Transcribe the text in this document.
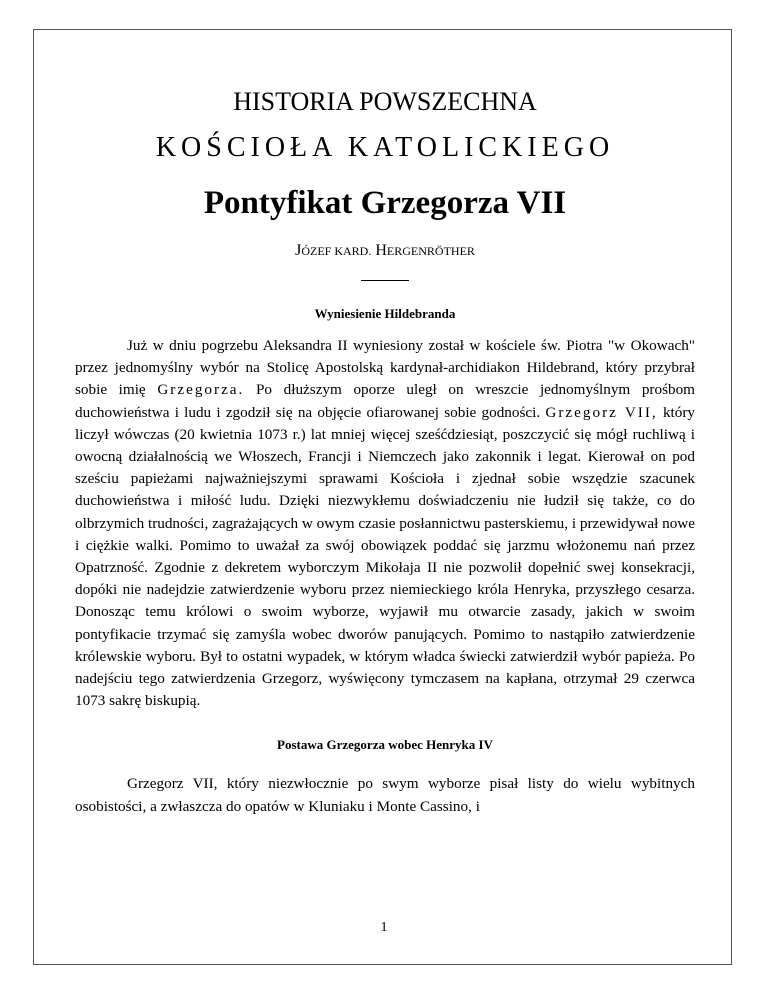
HISTORIA POWSZECHNA
KOŚCIOŁA KATOLICKIEGO
Pontyfikat Grzegorza VII
JÓZEF KARD. HERGENRÖTHER
Wyniesienie Hildebranda

Już w dniu pogrzebu Aleksandra II wyniesiony został w kościele św. Piotra "w Okowach" przez jednomyślny wybór na Stolicę Apostolską kardynał-archidiakon Hildebrand, który przybrał sobie imię Grzegorza. Po dłuższym oporze uległ on wreszcie jednomyślnym prośbom duchowieństwa i ludu i zgodził się na objęcie ofiarowanej sobie godności. Grzegorz VII, który liczył wówczas (20 kwietnia 1073 r.) lat mniej więcej sześćdziesiąt, poszczycić się mógł ruchliwą i owocną działalnością we Włoszech, Francji i Niemczech jako zakonnik i legat. Kierował on pod sześciu papieżami najważniejszymi sprawami Kościoła i zjednał sobie wszędzie szacunek duchowieństwa i miłość ludu. Dzięki niezwykłemu doświadczeniu nie łudził się także, co do olbrzymich trudności, zagrażających w owym czasie posłannictwu pasterskiemu, i przewidywał nowe i ciężkie walki. Pomimo to uważał za swój obowiązek poddać się jarzmu włożonemu nań przez Opatrzność. Zgodnie z dekretem wyborczym Mikołaja II nie pozwolił dopełnić swej konsekracji, dopóki nie nadejdzie zatwierdzenie wyboru przez niemieckiego króla Henryka, przyszłego cesarza. Donosząc temu królowi o swoim wyborze, wyjawił mu otwarcie zasady, jakich w swoim pontyfikacie trzymać się zamyśla wobec dworów panujących. Pomimo to nastąpiło zatwierdzenie królewskie wyboru. Był to ostatni wypadek, w którym władca świecki zatwierdził wybór papieża. Po nadejściu tego zatwierdzenia Grzegorz, wyświęcony tymczasem na kapłana, otrzymał 29 czerwca 1073 sakrę biskupią.

Postawa Grzegorza wobec Henryka IV

Grzegorz VII, który niezwłocznie po swym wyborze pisał listy do wielu wybitnych osobistości, a zwłaszcza do opatów w Kluniaku i Monte Cassino, i

1
